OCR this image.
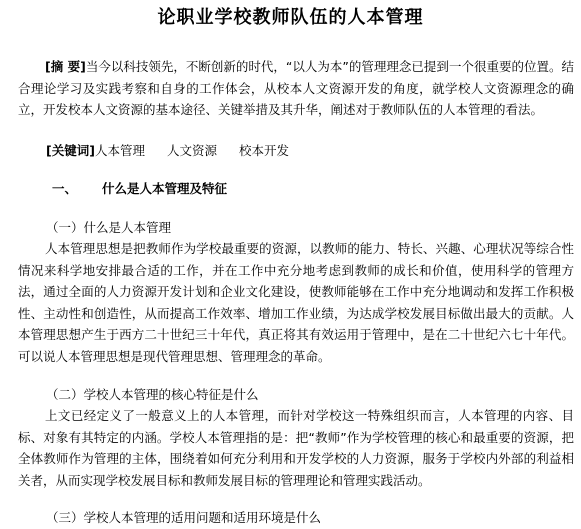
论职业学校教师队伍的人本管理

[摘 要]当今以科技领先，不断创新的时代，“以人为本”的管理理念已提到一个很重要的位置。结合理论学习及实践考察和自身的工作体会，从校本人文资源开发的角度，就学校人文资源理念的确立，开发校本人文资源的基本途径、关键举措及其升华，阐述对于教师队伍的人本管理的看法。

[关键词]人本管理 人文资源 校本开发
一、 什么是人本管理及特征
（一）什么是人本管理

人本管理思想是把教师作为学校最重要的资源，以教师的能力、特长、兴趣、心理状况等综合性情况来科学地安排最合适的工作，并在工作中充分地考虑到教师的成长和价值，使用科学的管理方法，通过全面的人力资源开发计划和企业文化建设，使教师能够在工作中充分地调动和发挥工作积极性、主动性和创造性，从而提高工作效率、增加工作业绩，为达成学校发展目标做出最大的贡献。人本管理思想产生于西方二十世纪三十年代，真正将其有效运用于管理中，是在二十世纪六七十年代。可以说人本管理思想是现代管理思想、管理理念的革命。

（二）学校人本管理的核心特征是什么

上文已经定义了一般意义上的人本管理，而针对学校这一特殊组织而言，人本管理的内容、目标、对象有其特定的内涵。学校人本管理指的是：把“教师”作为学校管理的核心和最重要的资源，把全体教师作为管理的主体，围绕着如何充分利用和开发学校的人力资源，服务于学校内外部的利益相关者，从而实现学校发展目标和教师发展目标的管理理论和管理实践活动。

（三）学校人本管理的适用问题和适用环境是什么
